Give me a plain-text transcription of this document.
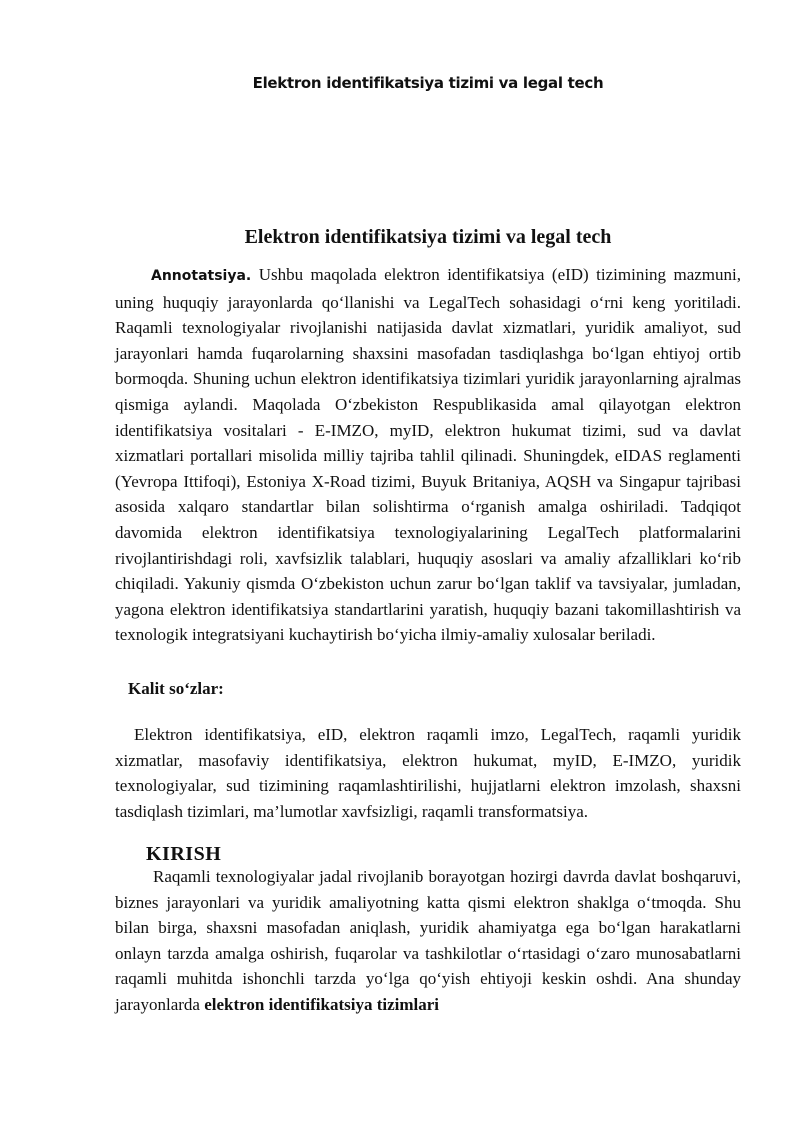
Elektron identifikatsiya tizimi va legal tech
Elektron identifikatsiya tizimi va legal tech

Annotatsiya. Ushbu maqolada elektron identifikatsiya (eID) tizimining mazmuni, uning huquqiy jarayonlarda qo‘llanishi va LegalTech sohasidagi o‘rni keng yoritiladi. Raqamli texnologiyalar rivojlanishi natijasida davlat xizmatlari, yuridik amaliyot, sud jarayonlari hamda fuqarolarning shaxsini masofadan tasdiqlashga bo‘lgan ehtiyoj ortib bormoqda. Shuning uchun elektron identifikatsiya tizimlari yuridik jarayonlarning ajralmas qismiga aylandi. Maqolada O‘zbekiston Respublikasida amal qilayotgan elektron identifikatsiya vositalari - E-IMZO, myID, elektron hukumat tizimi, sud va davlat xizmatlari portallari misolida milliy tajriba tahlil qilinadi. Shuningdek, eIDAS reglamenti (Yevropa Ittifoqi), Estoniya X-Road tizimi, Buyuk Britaniya, AQSH va Singapur tajribasi asosida xalqaro standartlar bilan solishtirma o‘rganish amalga oshiriladi. Tadqiqot davomida elektron identifikatsiya texnologiyalarining LegalTech platformalarini rivojlantirishdagi roli, xavfsizlik talablari, huquqiy asoslari va amaliy afzalliklari ko‘rib chiqiladi. Yakuniy qismda O‘zbekiston uchun zarur bo‘lgan taklif va tavsiyalar, jumladan, yagona elektron identifikatsiya standartlarini yaratish, huquqiy bazani takomillashtirish va texnologik integratsiyani kuchaytirish bo‘yicha ilmiy-amaliy xulosalar beriladi.

Kalit so‘zlar:

Elektron identifikatsiya, eID, elektron raqamli imzo, LegalTech, raqamli yuridik xizmatlar, masofaviy identifikatsiya, elektron hukumat, myID, E-IMZO, yuridik texnologiyalar, sud tizimining raqamlashtirilishi, hujjatlarni elektron imzolash, shaxsni tasdiqlash tizimlari, ma’lumotlar xavfsizligi, raqamli transformatsiya.

KIRISH

Raqamli texnologiyalar jadal rivojlanib borayotgan hozirgi davrda davlat boshqaruvi, biznes jarayonlari va yuridik amaliyotning katta qismi elektron shaklga o‘tmoqda. Shu bilan birga, shaxsni masofadan aniqlash, yuridik ahamiyatga ega bo‘lgan harakatlarni onlayn tarzda amalga oshirish, fuqarolar va tashkilotlar o‘rtasidagi o‘zaro munosabatlarni raqamli muhitda ishonchli tarzda yo‘lga qo‘yish ehtiyoji keskin oshdi. Ana shunday jarayonlarda elektron identifikatsiya tizimlari
